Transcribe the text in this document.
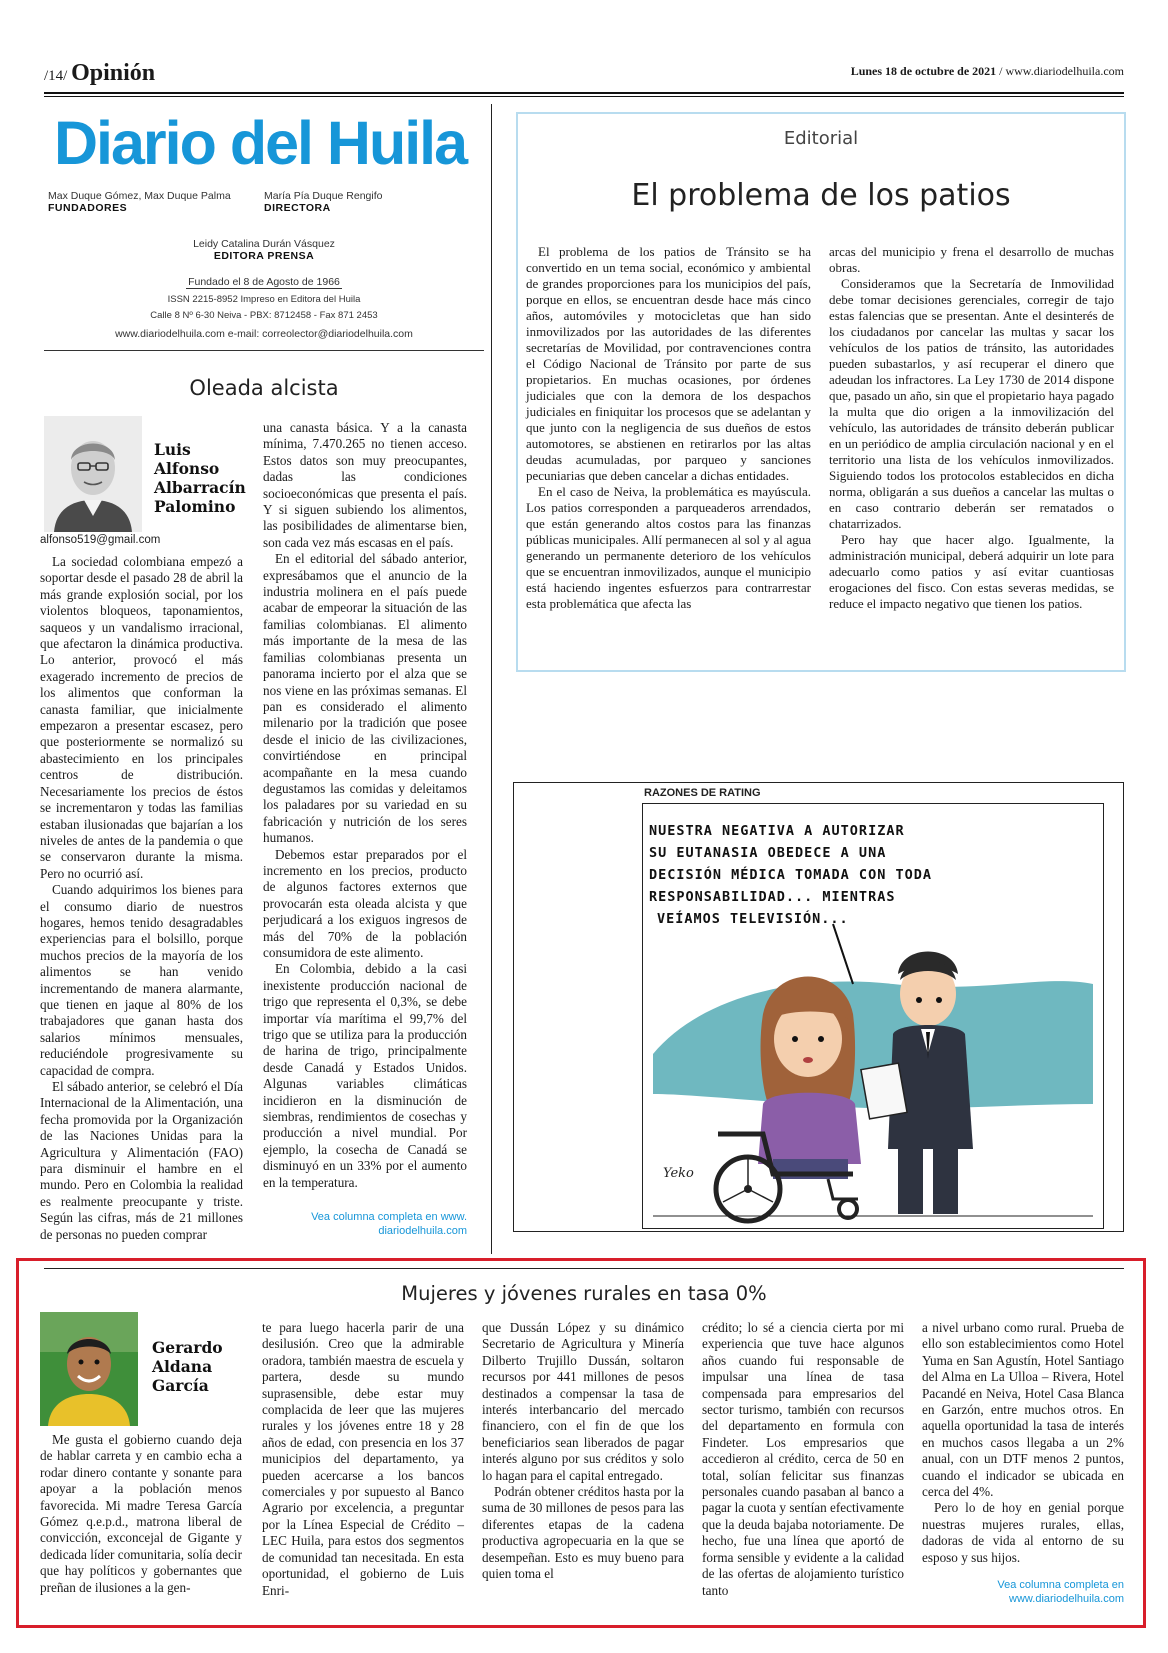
/14/ Opinión	Lunes 18 de octubre de 2021 / www.diariodelhuila.com
Diario del Huila
Max Duque Gómez, Max Duque Palma
FUNDADORES
María Pía Duque Rengifo
DIRECTORA
Leidy Catalina Durán Vásquez
EDITORA PRENSA
Fundado el 8 de Agosto de 1966
ISSN 2215-8952 Impreso en Editora del Huila
Calle 8 Nº 6-30 Neiva - PBX: 8712458 - Fax 871 2453
www.diariodelhuila.com e-mail: correolector@diariodelhuila.com
Oleada alcista
Luis
Alfonso
Albarracín
Palomino
alfonso519@gmail.com

La sociedad colombiana empezó a soportar desde el pasado 28 de abril la más grande explosión social, por los violentos bloqueos, taponamientos, saqueos y un vandalismo irracional, que afectaron la dinámica productiva. Lo anterior, provocó el más exagerado incremento de precios de los alimentos que conforman la canasta familiar, que inicialmente empezaron a presentar escasez, pero que posteriormente se normalizó su abastecimiento en los principales centros de distribución. Necesariamente los precios de éstos se incrementaron y todas las familias estaban ilusionadas que bajarían a los niveles de antes de la pandemia o que se conservaron durante la misma. Pero no ocurrió así.

Cuando adquirimos los bienes para el consumo diario de nuestros hogares, hemos tenido desagradables experiencias para el bolsillo, porque muchos precios de la mayoría de los alimentos se han venido incrementando de manera alarmante, que tienen en jaque al 80% de los trabajadores que ganan hasta dos salarios mínimos mensuales, reduciéndole progresivamente su capacidad de compra.

El sábado anterior, se celebró el Día Internacional de la Alimentación, una fecha promovida por la Organización de las Naciones Unidas para la Agricultura y Alimentación (FAO) para disminuir el hambre en el mundo. Pero en Colombia la realidad es realmente preocupante y triste. Según las cifras, más de 21 millones de personas no pueden comprar

una canasta básica. Y a la canasta mínima, 7.470.265 no tienen acceso. Estos datos son muy preocupantes, dadas las condiciones socioeconómicas que presenta el país. Y si siguen subiendo los alimentos, las posibilidades de alimentarse bien, son cada vez más escasas en el país.

En el editorial del sábado anterior, expresábamos que el anuncio de la industria molinera en el país puede acabar de empeorar la situación de las familias colombianas. El alimento más importante de la mesa de las familias colombianas presenta un panorama incierto por el alza que se nos viene en las próximas semanas. El pan es considerado el alimento milenario por la tradición que posee desde el inicio de las civilizaciones, convirtiéndose en principal acompañante en la mesa cuando degustamos las comidas y deleitamos los paladares por su variedad en su fabricación y nutrición de los seres humanos.

Debemos estar preparados por el incremento en los precios, producto de algunos factores externos que provocarán esta oleada alcista y que perjudicará a los exiguos ingresos de más del 70% de la población consumidora de este alimento.

En Colombia, debido a la casi inexistente producción nacional de trigo que representa el 0,3%, se debe importar vía marítima el 99,7% del trigo que se utiliza para la producción de harina de trigo, principalmente desde Canadá y Estados Unidos. Algunas variables climáticas incidieron en la disminución de siembras, rendimientos de cosechas y producción a nivel mundial. Por ejemplo, la cosecha de Canadá se disminuyó en un 33% por el aumento en la temperatura.

Vea columna completa en www.
diariodelhuila.com
Editorial
El problema de los patios

El problema de los patios de Tránsito se ha convertido en un tema social, económico y ambiental de grandes proporciones para los municipios del país, porque en ellos, se encuentran desde hace más cinco años, automóviles y motocicletas que han sido inmovilizados por las autoridades de las diferentes secretarías de Movilidad, por contravenciones contra el Código Nacional de Tránsito por parte de sus propietarios. En muchas ocasiones, por órdenes judiciales que con la demora de los despachos judiciales en finiquitar los procesos que se adelantan y que junto con la negligencia de sus dueños de estos automotores, se abstienen en retirarlos por las altas deudas acumuladas, por parqueo y sanciones pecuniarias que deben cancelar a dichas entidades.

En el caso de Neiva, la problemática es mayúscula. Los patios corresponden a parqueaderos arrendados, que están generando altos costos para las finanzas públicas municipales. Allí permanecen al sol y al agua generando un permanente deterioro de los vehículos que se encuentran inmovilizados, aunque el municipio está haciendo ingentes esfuerzos para contrarrestar esta problemática que afecta las

arcas del municipio y frena el desarrollo de muchas obras.

Consideramos que la Secretaría de Inmovilidad debe tomar decisiones gerenciales, corregir de tajo estas falencias que se presentan. Ante el desinterés de los ciudadanos por cancelar las multas y sacar los vehículos de los patios de tránsito, las autoridades pueden subastarlos, y así recuperar el dinero que adeudan los infractores. La Ley 1730 de 2014 dispone que, pasado un año, sin que el propietario haya pagado la multa que dio origen a la inmovilización del vehículo, las autoridades de tránsito deberán publicar en un periódico de amplia circulación nacional y en el territorio una lista de los vehículos inmovilizados. Siguiendo todos los protocolos establecidos en dicha norma, obligarán a sus dueños a cancelar las multas o en caso contrario deberán ser rematados o chatarrizados.

Pero hay que hacer algo. Igualmente, la administración municipal, deberá adquirir un lote para adecuarlo como patios y así evitar cuantiosas erogaciones del fisco. Con estas severas medidas, se reduce el impacto negativo que tienen los patios.

RAZONES DE RATING
NUESTRA NEGATIVA A AUTORIZAR
SU EUTANASIA OBEDECE A UNA
DECISIÓN MÉDICA TOMADA CON TODA
RESPONSABILIDAD... MIENTRAS
VEÍAMOS TELEVISIÓN...
Yeko
Mujeres y jóvenes rurales en tasa 0%
Gerardo
Aldana
García

Me gusta el gobierno cuando deja de hablar carreta y en cambio echa a rodar dinero contante y sonante para apoyar a la población menos favorecida. Mi madre Teresa García Gómez q.e.p.d., matrona liberal de convicción, exconcejal de Gigante y dedicada líder comunitaria, solía decir que hay políticos y gobernantes que preñan de ilusiones a la gen-

te para luego hacerla parir de una desilusión. Creo que la admirable oradora, también maestra de escuela y partera, desde su mundo suprasensible, debe estar muy complacida de leer que las mujeres rurales y los jóvenes entre 18 y 28 años de edad, con presencia en los 37 municipios del departamento, ya pueden acercarse a los bancos comerciales y por supuesto al Banco Agrario por excelencia, a preguntar por la Línea Especial de Crédito – LEC Huila, para estos dos segmentos de comunidad tan necesitada. En esta oportunidad, el gobierno de Luis Enri-

que Dussán López y su dinámico Secretario de Agricultura y Minería Dilberto Trujillo Dussán, soltaron recursos por 441 millones de pesos destinados a compensar la tasa de interés interbancario del mercado financiero, con el fin de que los beneficiarios sean liberados de pagar interés alguno por sus créditos y solo lo hagan para el capital entregado.

Podrán obtener créditos hasta por la suma de 30 millones de pesos para las diferentes etapas de la cadena productiva agropecuaria en la que se desempeñan. Esto es muy bueno para quien toma el

crédito; lo sé a ciencia cierta por mi experiencia que tuve hace algunos años cuando fui responsable de impulsar una línea de tasa compensada para empresarios del sector turismo, también con recursos del departamento en formula con Findeter. Los empresarios que accedieron al crédito, cerca de 50 en total, solían felicitar sus finanzas personales cuando pasaban al banco a pagar la cuota y sentían efectivamente que la deuda bajaba notoriamente. De hecho, fue una línea que aportó de forma sensible y evidente a la calidad de las ofertas de alojamiento turístico tanto

a nivel urbano como rural. Prueba de ello son establecimientos como Hotel Yuma en San Agustín, Hotel Santiago del Alma en La Ulloa – Rivera, Hotel Pacandé en Neiva, Hotel Casa Blanca en Garzón, entre muchos otros. En aquella oportunidad la tasa de interés en muchos casos llegaba a un 2% anual, con un DTF menos 2 puntos, cuando el indicador se ubicada en cerca del 4%.

Pero lo de hoy en genial porque nuestras mujeres rurales, ellas, dadoras de vida al entorno de su esposo y sus hijos.

Vea columna completa en
www.diariodelhuila.com
